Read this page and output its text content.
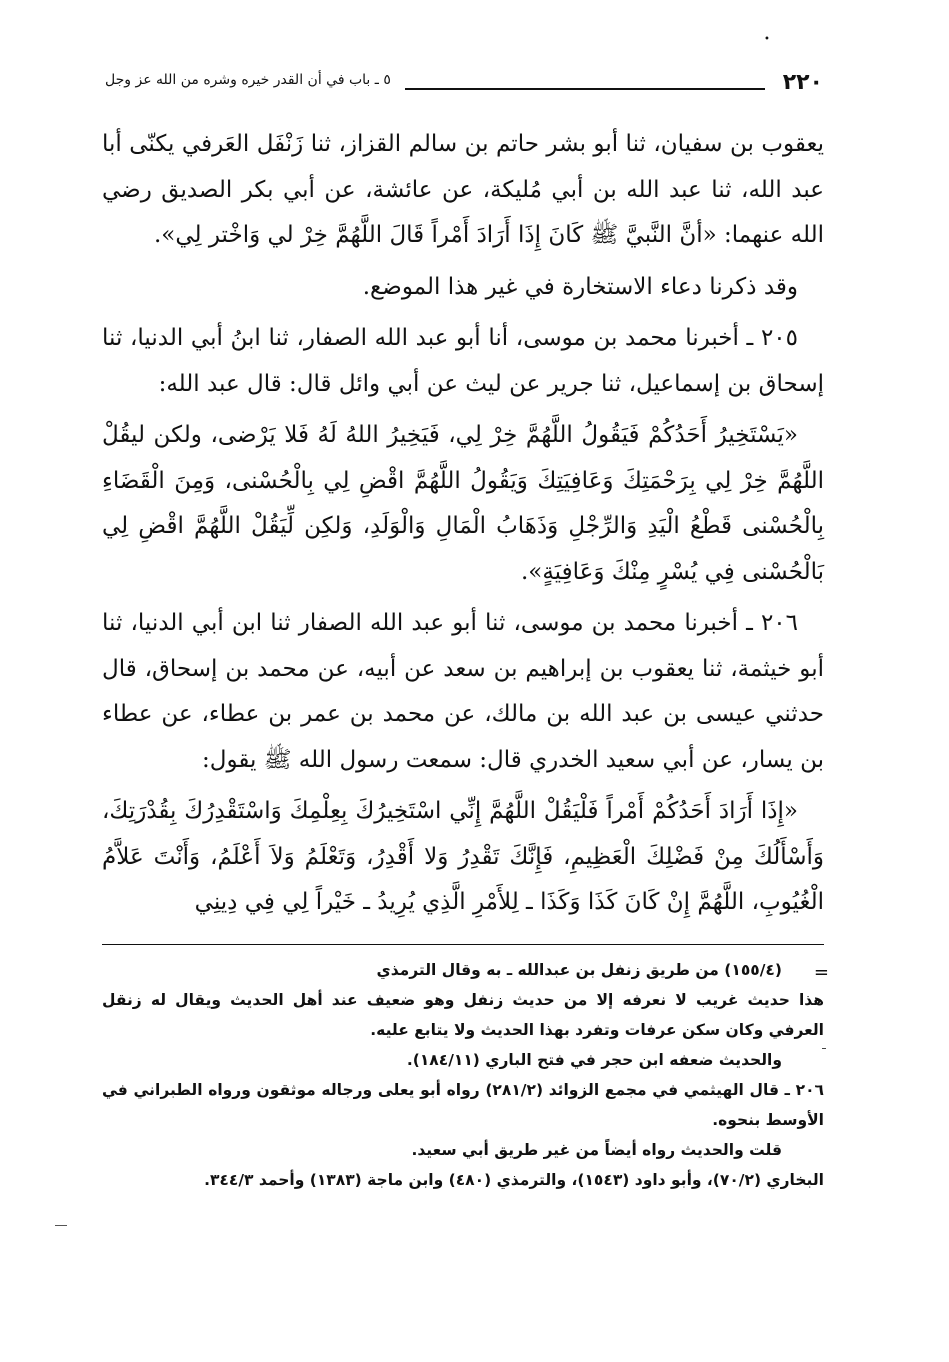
•
٢٢٠
٥ ـ باب في أن القدر خيره وشره من الله عز وجل

يعقوب بن سفيان، ثنا أبو بشر حاتم بن سالم القزاز، ثنا زَنْفَل العَرفي يكنّى أبا عبد الله، ثنا عبد الله بن أبي مُليكة، عن عائشة، عن أبي بكر الصديق رضي الله عنهما: «أنَّ النَّبيَّ ﷺ كَانَ إِذَا أَرَادَ أَمْراً قَالَ اللَّهُمَّ خِرْ لي وَاخْتر لِي».

وقد ذكرنا دعاء الاستخارة في غير هذا الموضع.

٢٠٥ ـ أخبرنا محمد بن موسى، أنا أبو عبد الله الصفار، ثنا ابنُ أبي الدنيا، ثنا إسحاق بن إسماعيل، ثنا جرير عن ليث عن أبي وائل قال: قال عبد الله:

«يَسْتَخِيرُ أَحَدُكُمْ فَيَقُولُ اللَّهُمَّ خِرْ لِي، فَيَخِيرُ اللهُ لَهُ فَلا يَرْضى، ولكن ليقُلْ اللَّهُمَّ خِرْ لِي بِرَحْمَتِكَ وَعَافِيَتِكَ وَيَقُولُ اللَّهُمَّ اقْضِ لِي بِالْحُسْنى، وَمِنَ الْقَضَاءِ بِالْحُسْنى قَطْعُ الْيَدِ وَالرِّجْلِ وَذَهَابُ الْمَالِ وَالْوَلَدِ، وَلكِن لِّيَقُلْ اللَّهُمَّ اقْضِ لِي بَالْحُسْنى فِي يُسْرٍ مِنْكَ وَعَافِيَةٍ».

٢٠٦ ـ أخبرنا محمد بن موسى، ثنا أبو عبد الله الصفار ثنا ابن أبي الدنيا، ثنا أبو خيثمة، ثنا يعقوب بن إبراهيم بن سعد عن أبيه، عن محمد بن إسحاق، قال حدثني عيسى بن عبد الله بن مالك، عن محمد بن عمر بن عطاء، عن عطاء بن يسار، عن أبي سعيد الخدري قال: سمعت رسول الله ﷺ يقول:

«إِذَا أَرَادَ أَحَدُكُمْ أَمْراً فَلْيَقُلْ اللَّهُمَّ إِنِّي اسْتَخِيرُكَ بِعِلْمِكَ وَاسْتَقْدِرُكَ بِقُدْرَتِكَ، وَأَسْأَلُكَ مِنْ فَضْلِكَ الْعَظِيمِ، فَإِنَّكَ تَقْدِرُ وَلا أَقْدِرُ، وَتَعْلَمُ وَلاَ أَعْلَمُ، وَأَنْتَ عَلاَّمُ الْغُيُوبِ، اللَّهُمَّ إِنْ كَانَ كَذَا وَكَذَا ـ لِلأَمْرِ الَّذِي يُرِيدُ ـ خَيْراً لِي فِي دِينِي

=

(١٥٥/٤) من طريق زنفل بن عبدالله ـ به وقال الترمذي

هذا حديث غريب لا نعرفه إلا من حديث زنفل وهو ضعيف عند أهل الحديث ويقال له زنقل العرفي وكان سكن عرفات وتفرد بهذا الحديث ولا يتابع عليه.

والحديث ضعفه ابن حجر في فتح الباري (١٨٤/١١).

٢٠٦ ـ قال الهيثمي في مجمع الزوائد (٢٨١/٢) رواه أبو يعلى ورجاله موثقون ورواه الطبراني في الأوسط بنحوه.

قلت والحديث رواه أيضاً من غير طريق أبي سعيد.

البخاري (٧٠/٢)، وأبو داود (١٥٤٣)، والترمذي (٤٨٠) وابن ماجة (١٣٨٣) وأحمد ٣٤٤/٣.
